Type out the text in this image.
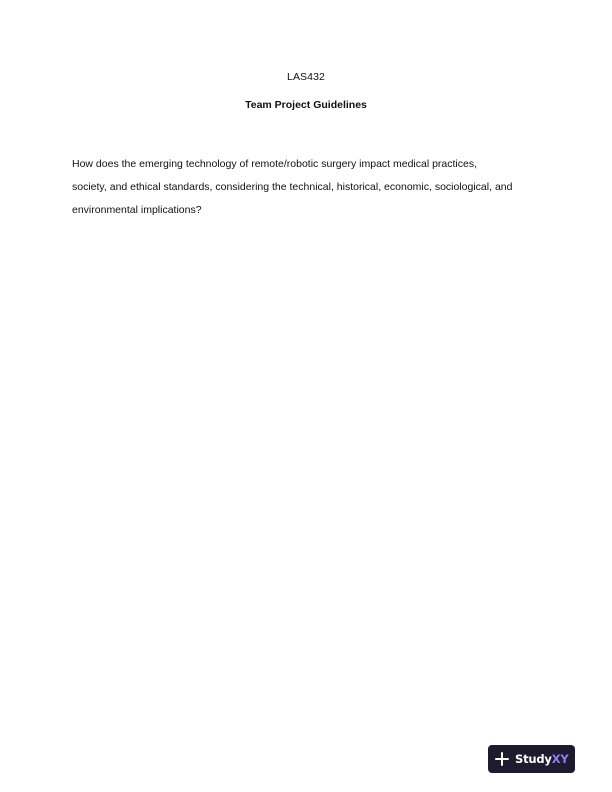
LAS432
Team Project Guidelines

How does the emerging technology of remote/robotic surgery impact medical practices,
society, and ethical standards, considering the technical, historical, economic, sociological, and
environmental implications?

StudyXY
